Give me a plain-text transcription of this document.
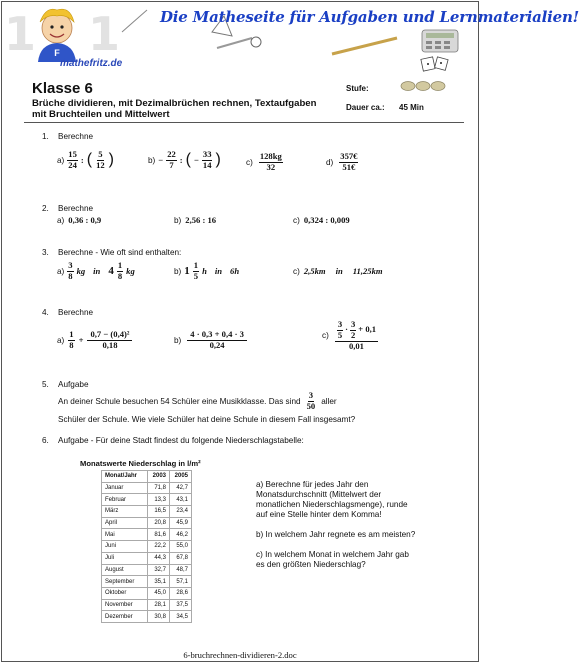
1 1
F
Die Matheseite für Aufgaben und Lernmaterialien!
mathefritz.de
Klasse 6
Brüche dividieren, mit Dezimalbrüchen rechnen, Textaufgaben
mit Bruchteilen und Mittelwert
Stufe:
Dauer ca.: 45 Min
1. Berechne
$a) \frac{15}{24}$ : ( $\frac{5}{12}$ )	$b) - \frac{22}{7}$ : ( − $\frac{33}{14}$ )	$c) \frac{128kg}{32}$	$d) \frac{357€}{51€}$
2. Berechne
a) 0,36 : 0,9	b) 2,56 : 16	c) 0,324 : 0,009
3. Berechne - Wie oft sind enthalten:
$a) \frac{3}{8}$ kg in $4 \frac{1}{8}$ kg	b) $1 \frac{1}{5}$ h in 6h	c) 2,5km in 11,25km
4. Berechne
$a) \frac{1}{8} + \frac{\text{0,7 − (0,4)²}}{0,18}$	$b) \frac{4 \cdot 0,3 + 0,4 \cdot 3}{0,24}$	$c) \frac{\frac{3}{5} \cdot \frac{3}{2} + 0,1}{0,01}$
5. Aufgabe
An deiner Schule besuchen 54 Schüler eine Musikklasse. Das sind $\frac{3}{50}$ aller
Schüler der Schule. Wie viele Schüler hat deine Schule in diesem Fall insgesamt?
6. Aufgabe - Für deine Stadt findest du folgende Niederschlagstabelle:
Monatswerte Niederschlag in l/m²
Monat/Jahr	2003	2005
Januar	71,8	42,7
Februar	13,3	43,1
März	16,5	23,4
April	20,8	45,9
Mai	81,6	46,2
Juni	22,2	55,0
Juli	44,3	67,8
August	32,7	48,7
September	35,1	57,1
Oktober	45,0	28,6
November	28,1	37,5
Dezember	30,8	34,5
a) Berechne für jedes Jahr den Monatsdurchschnitt (Mittelwert der monatlichen Niederschlagsmenge), runde auf eine Stelle hinter dem Komma!
b) In welchem Jahr regnete es am meisten?
c) In welchem Monat in welchem Jahr gab es den größten Niederschlag?
6-bruchrechnen-dividieren-2.doc
